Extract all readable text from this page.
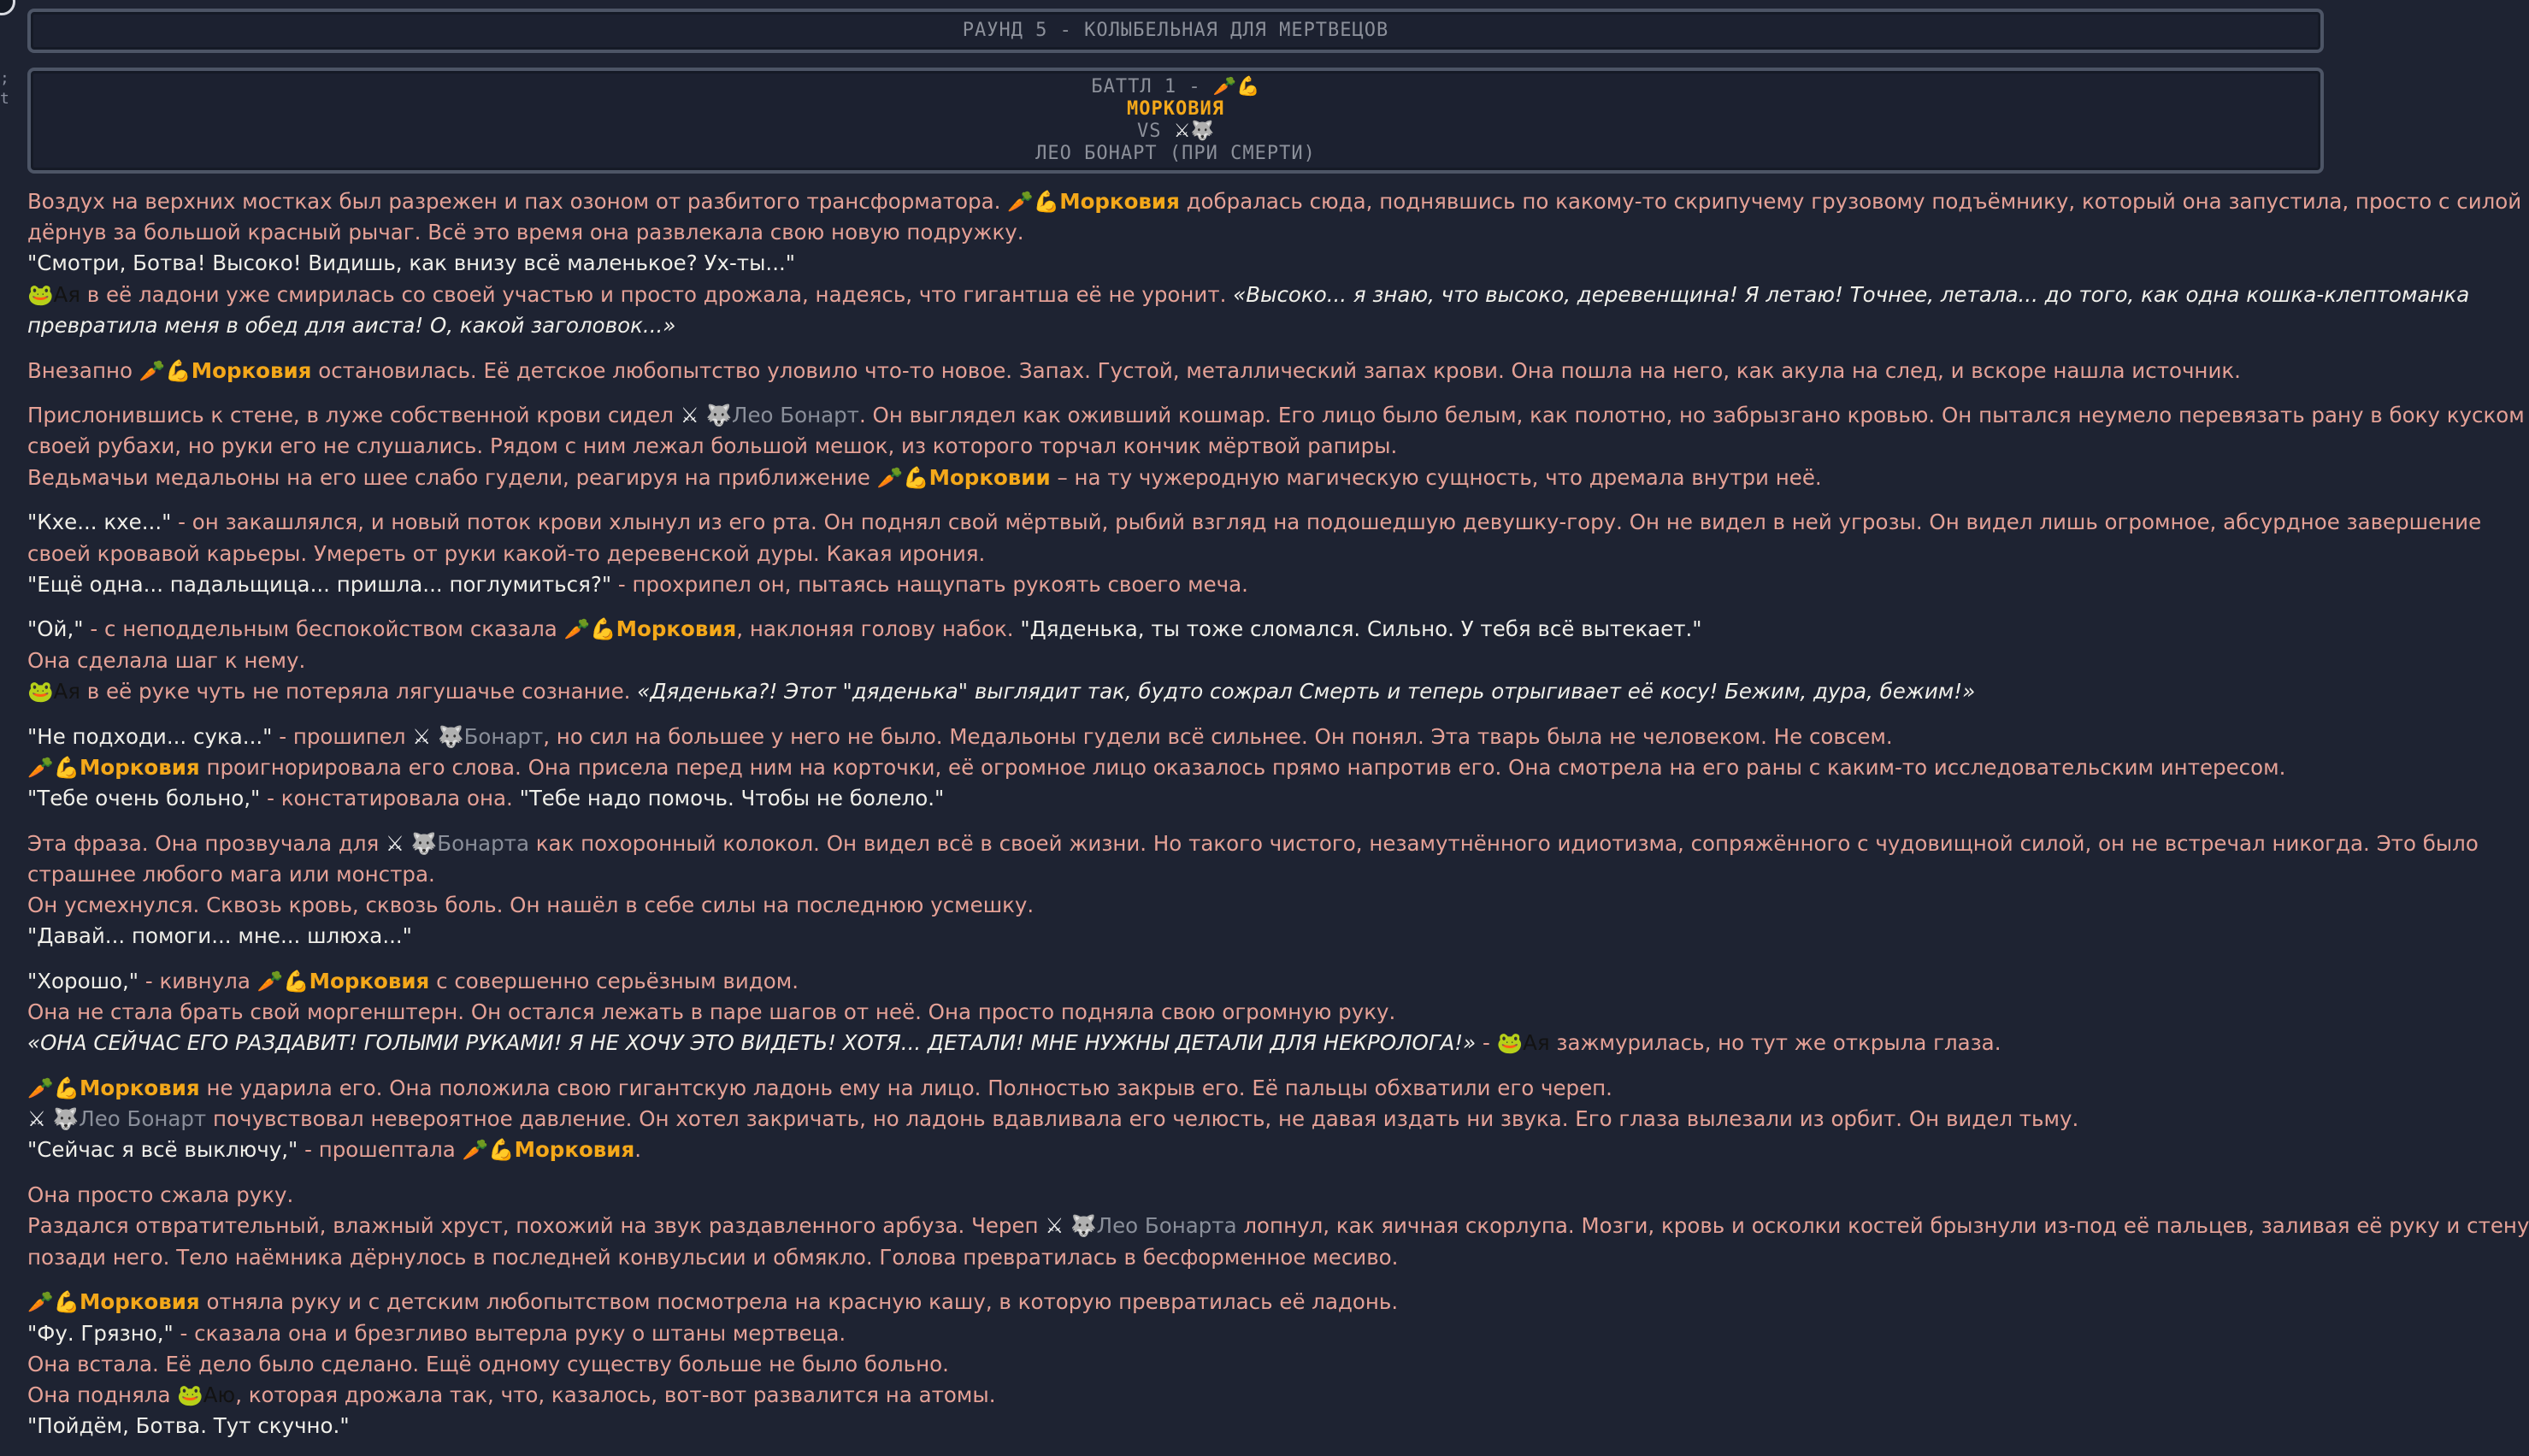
; t
РАУНД 5 - КОЛЫБЕЛЬНАЯ ДЛЯ МЕРТВЕЦОВ
БАТТЛ 1 - 🥕💪
МОРКОВИЯ
VS ⚔🐺
ЛЕО БОНАРТ (ПРИ СМЕРТИ)

Воздух на верхних мостках был разрежен и пах озоном от разбитого трансформатора. 🥕💪Морковия добралась сюда, поднявшись по какому-то скрипучему грузовому подъёмнику, который она запустила, просто с силой
дёрнув за большой красный рычаг. Всё это время она развлекала свою новую подружку.
"Смотри, Ботва! Высоко! Видишь, как внизу всё маленькое? Ух-ты..."
🐸Ая в её ладони уже смирилась со своей участью и просто дрожала, надеясь, что гигантша её не уронит. «Высоко... я знаю, что высоко, деревенщина! Я летаю! Точнее, летала... до того, как одна кошка-клептоманка
превратила меня в обед для аиста! О, какой заголовок...»

Внезапно 🥕💪Морковия остановилась. Её детское любопытство уловило что-то новое. Запах. Густой, металлический запах крови. Она пошла на него, как акула на след, и вскоре нашла источник.

Прислонившись к стене, в луже собственной крови сидел ⚔ 🐺Лео Бонарт. Он выглядел как оживший кошмар. Его лицо было белым, как полотно, но забрызгано кровью. Он пытался неумело перевязать рану в боку куском
своей рубахи, но руки его не слушались. Рядом с ним лежал большой мешок, из которого торчал кончик мёртвой рапиры.
Ведьмачьи медальоны на его шее слабо гудели, реагируя на приближение 🥕💪Морковии – на ту чужеродную магическую сущность, что дремала внутри неё.

"Кхе... кхе..." - он закашлялся, и новый поток крови хлынул из его рта. Он поднял свой мёртвый, рыбий взгляд на подошедшую девушку-гору. Он не видел в ней угрозы. Он видел лишь огромное, абсурдное завершение
своей кровавой карьеры. Умереть от руки какой-то деревенской дуры. Какая ирония.
"Ещё одна... падальщица... пришла... поглумиться?" - прохрипел он, пытаясь нащупать рукоять своего меча.

"Ой," - с неподдельным беспокойством сказала 🥕💪Морковия, наклоняя голову набок. "Дяденька, ты тоже сломался. Сильно. У тебя всё вытекает."
Она сделала шаг к нему.
🐸Ая в её руке чуть не потеряла лягушачье сознание. «Дяденька?! Этот "дяденька" выглядит так, будто сожрал Смерть и теперь отрыгивает её косу! Бежим, дура, бежим!»

"Не подходи... сука..." - прошипел ⚔ 🐺Бонарт, но сил на большее у него не было. Медальоны гудели всё сильнее. Он понял. Эта тварь была не человеком. Не совсем.
🥕💪Морковия проигнорировала его слова. Она присела перед ним на корточки, её огромное лицо оказалось прямо напротив его. Она смотрела на его раны с каким-то исследовательским интересом.
"Тебе очень больно," - констатировала она. "Тебе надо помочь. Чтобы не болело."

Эта фраза. Она прозвучала для ⚔ 🐺Бонарта как похоронный колокол. Он видел всё в своей жизни. Но такого чистого, незамутнённого идиотизма, сопряжённого с чудовищной силой, он не встречал никогда. Это было
страшнее любого мага или монстра.
Он усмехнулся. Сквозь кровь, сквозь боль. Он нашёл в себе силы на последнюю усмешку.
"Давай... помоги... мне... шлюха..."

"Хорошо," - кивнула 🥕💪Морковия с совершенно серьёзным видом.
Она не стала брать свой моргенштерн. Он остался лежать в паре шагов от неё. Она просто подняла свою огромную руку.
«ОНА СЕЙЧАС ЕГО РАЗДАВИТ! ГОЛЫМИ РУКАМИ! Я НЕ ХОЧУ ЭТО ВИДЕТЬ! ХОТЯ... ДЕТАЛИ! МНЕ НУЖНЫ ДЕТАЛИ ДЛЯ НЕКРОЛОГА!» - 🐸Ая зажмурилась, но тут же открыла глаза.

🥕💪Морковия не ударила его. Она положила свою гигантскую ладонь ему на лицо. Полностью закрыв его. Её пальцы обхватили его череп.
⚔ 🐺Лео Бонарт почувствовал невероятное давление. Он хотел закричать, но ладонь вдавливала его челюсть, не давая издать ни звука. Его глаза вылезали из орбит. Он видел тьму.
"Сейчас я всё выключу," - прошептала 🥕💪Морковия.

Она просто сжала руку.
Раздался отвратительный, влажный хруст, похожий на звук раздавленного арбуза. Череп ⚔ 🐺Лео Бонарта лопнул, как яичная скорлупа. Мозги, кровь и осколки костей брызнули из-под её пальцев, заливая её руку и стену
позади него. Тело наёмника дёрнулось в последней конвульсии и обмякло. Голова превратилась в бесформенное месиво.

🥕💪Морковия отняла руку и с детским любопытством посмотрела на красную кашу, в которую превратилась её ладонь.
"Фу. Грязно," - сказала она и брезгливо вытерла руку о штаны мертвеца.
Она встала. Её дело было сделано. Ещё одному существу больше не было больно.
Она подняла 🐸Аю, которая дрожала так, что, казалось, вот-вот развалится на атомы.
"Пойдём, Ботва. Тут скучно."
